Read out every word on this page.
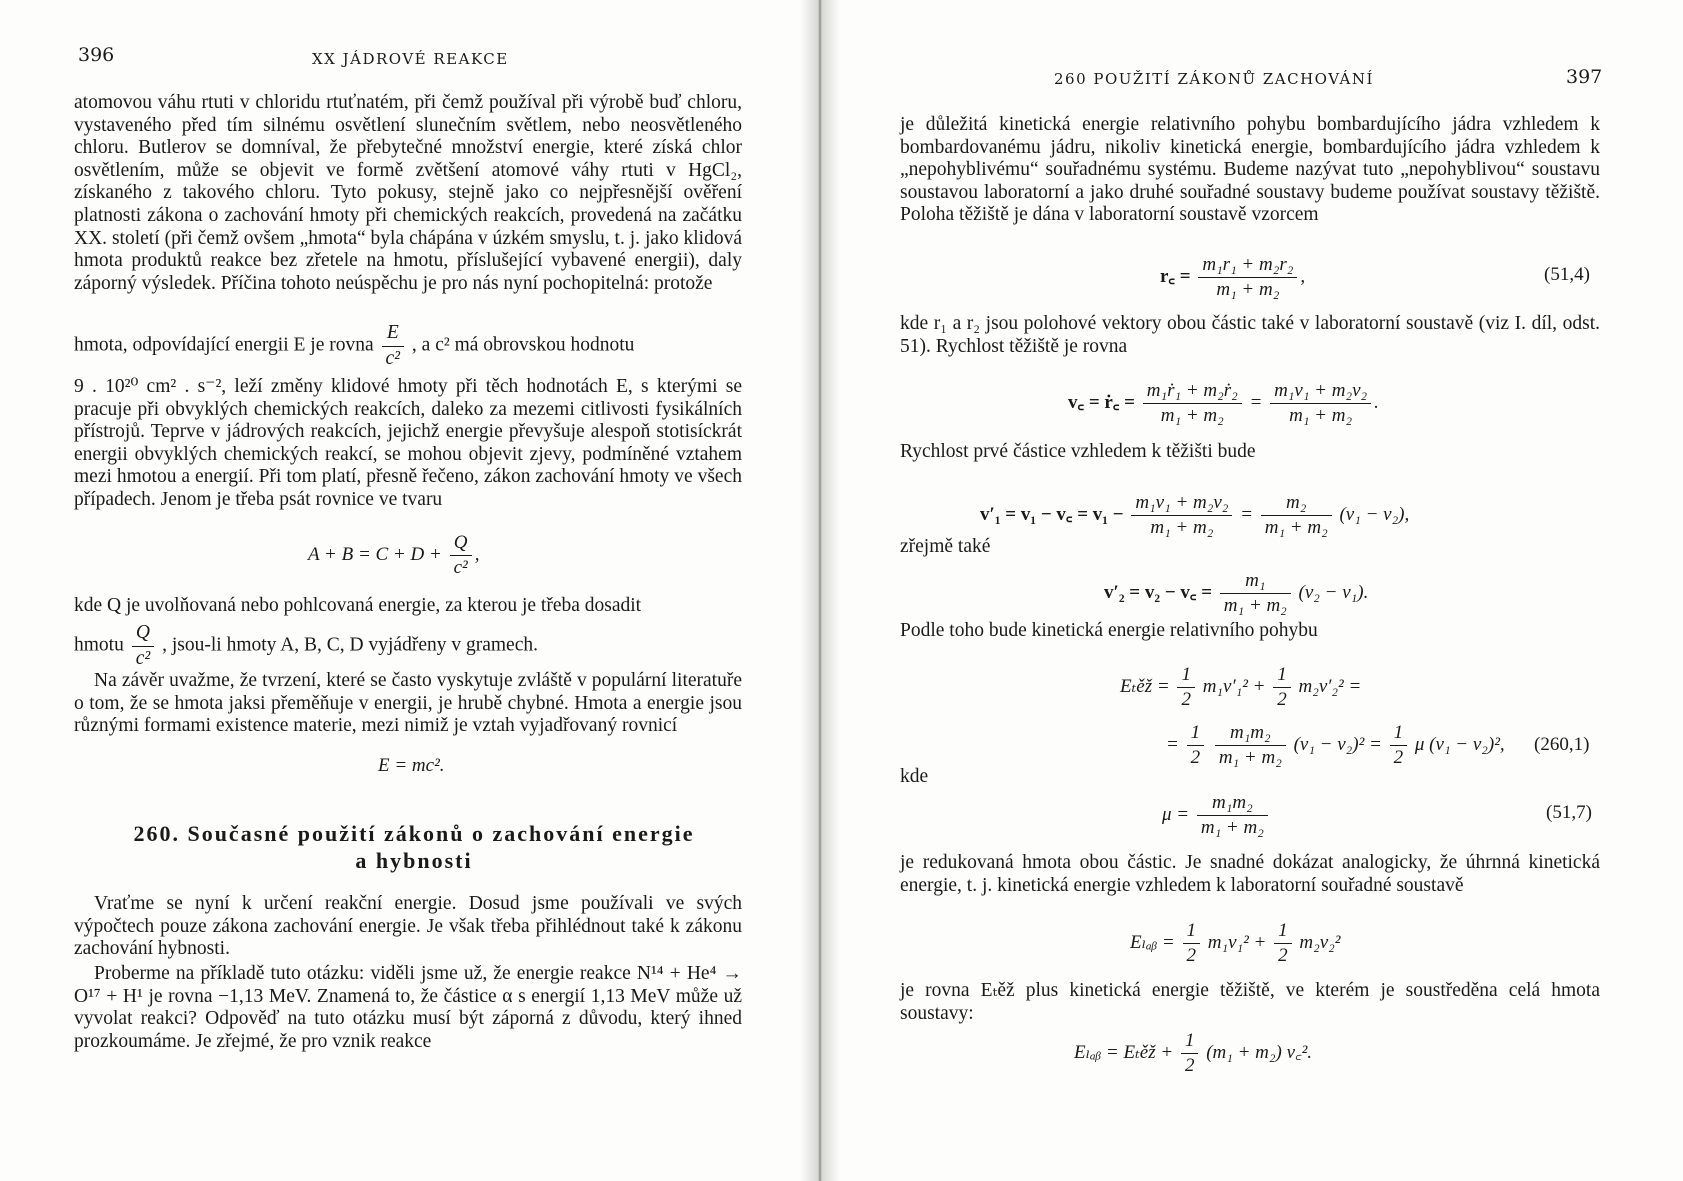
396	XX JÁDROVÉ REAKCE

atomovou váhu rtuti v chloridu rtuťnatém, při čemž používal při výrobě buď chloru, vystaveného před tím silnému osvětlení slunečním světlem, nebo neosvětleného chloru. Butlerov se domníval, že přebytečné množství energie, které získá chlor osvětlením, může se objevit ve formě zvětšení atomové váhy rtuti v HgCl₂, získaného z takového chloru. Tyto pokusy, stejně jako co nejpřesnější ověření platnosti zákona o zachování hmoty při chemických reakcích, provedená na začátku XX. století (při čemž ovšem „hmota“ byla chápána v úzkém smyslu, t. j. jako klidová hmota produktů reakce bez zřetele na hmotu, příslušející vybavené energii), daly záporný výsledek. Příčina tohoto neúspěchu je pro nás nyní pochopitelná: protože

hmota, odpovídající energii E je rovna $\frac{E}{\text{c²}}$ , a c² má obrovskou hodnotu

9 . 10²⁰ cm² . s⁻², leží změny klidové hmoty při těch hodnotách E, s kterými se pracuje při obvyklých chemických reakcích, daleko za mezemi citlivosti fysikálních přístrojů. Teprve v jádrových reakcích, jejichž energie převyšuje alespoň stotisíckrát energii obvyklých chemických reakcí, se mohou objevit zjevy, podmíněné vztahem mezi hmotou a energií. Při tom platí, přesně řečeno, zákon zachování hmoty ve všech případech. Jenom je třeba psát rovnice ve tvaru

$A + B = C + D + \frac{Q}{\text{c²}}$ ,

kde Q je uvolňovaná nebo pohlcovaná energie, za kterou je třeba dosadit

hmotu $\frac{Q}{\text{c²}}$ , jsou-li hmoty A, B, C, D vyjádřeny v gramech.

Na závěr uvažme, že tvrzení, které se často vyskytuje zvláště v populární literatuře o tom, že se hmota jaksi přeměňuje v energii, je hrubě chybné. Hmota a energie jsou různými formami existence materie, mezi nimiž je vztah vyjadřovaný rovnicí

E = mc².
260. Současné použití zákonů o zachování energie
a hybnosti

Vraťme se nyní k určení reakční energie. Dosud jsme používali ve svých výpočtech pouze zákona zachování energie. Je však třeba přihlédnout také k zákonu zachování hybnosti.

Proberme na příkladě tuto otázku: viděli jsme už, že energie reakce N¹⁴ + He⁴ → O¹⁷ + H¹ je rovna −1,13 MeV. Znamená to, že částice α s energií 1,13 MeV může už vyvolat reakci? Odpověď na tuto otázku musí být záporná z důvodu, který ihned prozkoumáme. Je zřejmé, že pro vznik reakce

260 POUŽITÍ ZÁKONŮ ZACHOVÁNÍ	397

je důležitá kinetická energie relativního pohybu bombardujícího jádra vzhledem k bombardovanému jádru, nikoliv kinetická energie, bombardujícího jádra vzhledem k „nepohyblivému“ souřadnému systému. Budeme nazývat tuto „nepohyblivou“ soustavu soustavou laboratorní a jako druhé souřadné soustavy budeme používat soustavy těžiště. Poloha těžiště je dána v laboratorní soustavě vzorcem

r꜀ = $\frac{\text{m₁r₁ + m₂r₂}}{\text{m₁ + m₂}}$ ,	(51,4)

kde r₁ a r₂ jsou polohové vektory obou částic také v laboratorní soustavě (viz I. díl, odst. 51). Rychlost těžiště je rovna

v꜀ = ṙ꜀ = $\frac{\text{m₁ṙ₁ + m₂ṙ₂}}{\text{m₁ + m₂}} = \frac{\text{m₁v₁ + m₂v₂}}{\text{m₁ + m₂}}$ .
Rychlost prvé částice vzhledem k těžišti bude
v′₁ = v₁ − v꜀ = $v_1 - \frac{\text{m₁v₁ + m₂v₂}}{\text{m₁ + m₂}} = \frac{\text{m₂}}{\text{m₁ + m₂}} (v_1 - v_2)$,
zřejmě také
v′₂ = v₂ − v꜀ = $\frac{\text{m₁}}{\text{m₁ + m₂}} (v_2 - v_1)$.
Podle toho bude kinetická energie relativního pohybu
Eₜěž = $\frac{1}{2} m_1v'_1^2 + \frac{1}{2} m_2v'_2^2$ =
= $\frac{1}{2}$
$\frac{\text{m₁m₂}}{\text{m₁ + m₂}} (v_1 - v_2)^2 = \frac{1}{2}$ μ (v₁ − v₂)², (260,1)
kde
$\mu = \frac{\text{m₁m₂}}{\text{m₁ + m₂}}$	(51,7)

je redukovaná hmota obou částic. Je snadné dokázat analogicky, že úhrnná kinetická energie, t. j. kinetická energie vzhledem k laboratorní souřadné soustavě

Eₗₐᵦ = $\frac{1}{2} m_1v_1^2 + \frac{1}{2} m_2v_2^2$

je rovna Eₜěž plus kinetická energie těžiště, ve kterém je soustředěna celá hmota soustavy:

Eₗₐᵦ = Eₜěž + $\frac{1}{2} (m_1 + m_2)$ v꜀².
